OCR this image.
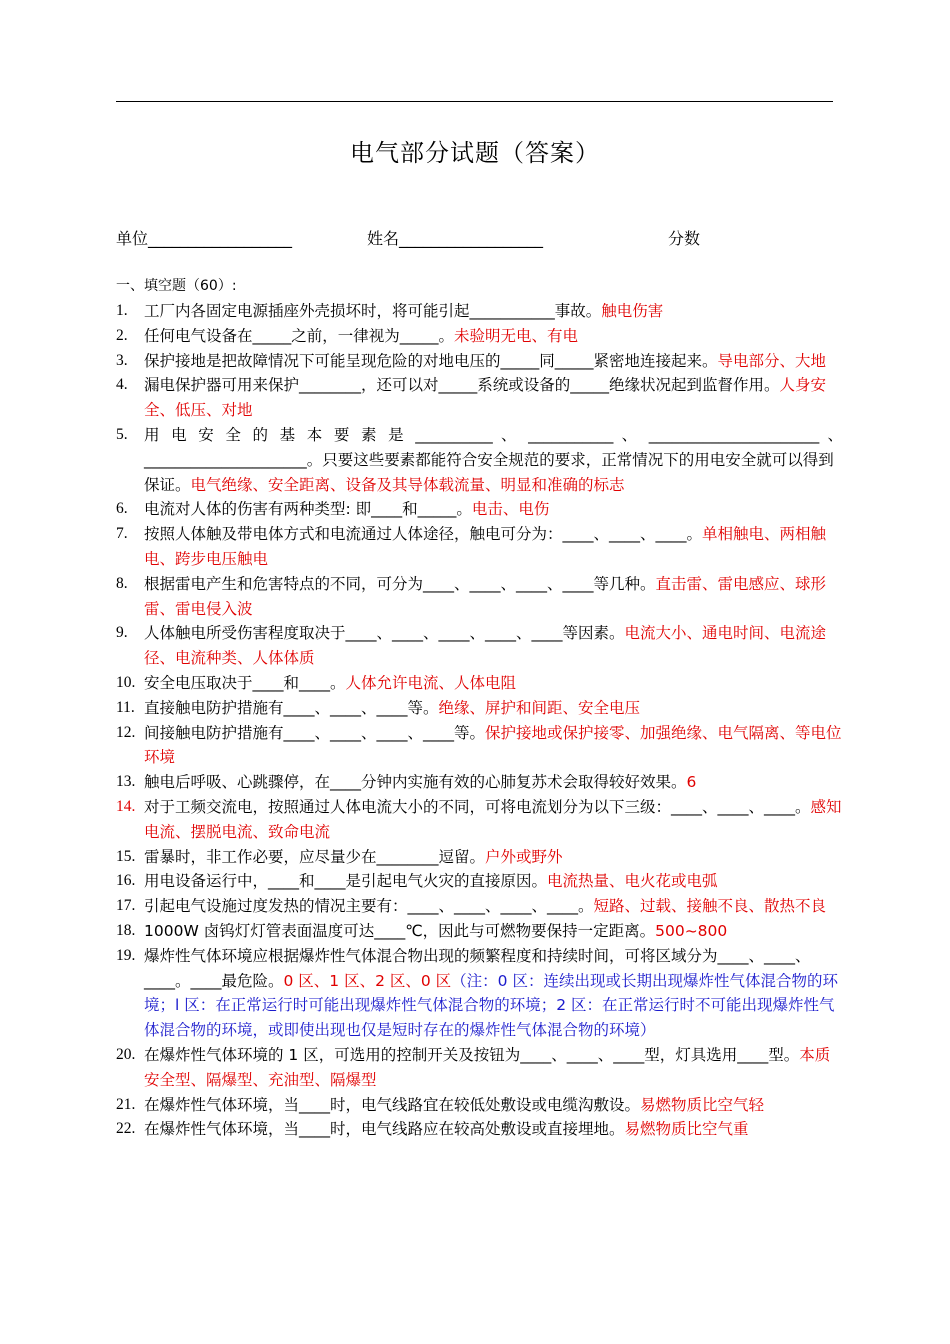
电气部分试题（答案）
单位__________________	姓名__________________	分数
一、填空题（60）:
1. 工厂内各固定电源插座外壳损坏时，将可能引起___________事故。触电伤害
2. 任何电气设备在_____之前，一律视为_____。未验明无电、有电
3. 保护接地是把故障情况下可能呈现危险的对地电压的_____同_____紧密地连接起来。导电部分、大地
4. 漏电保护器可用来保护________，还可以对_____系统或设备的_____绝缘状况起到监督作用。人身安全、低压、对地
5. 用 电 安 全 的 基 本 要 素 是 __________ 、 ___________ 、 ______________________ 、
_____________________。只要这些要素都能符合安全规范的要求，正常情况下的用电安全就可以得到保证。电气绝缘、安全距离、设备及其导体载流量、明显和准确的标志
6. 电流对人体的伤害有两种类型: 即____和_____。电击、电伤
7. 按照人体触及带电体方式和电流通过人体途径，触电可分为：____、____、____。单相触电、两相触电、跨步电压触电
8. 根据雷电产生和危害特点的不同，可分为____、____、____、____等几种。直击雷、雷电感应、球形雷、雷电侵入波
9. 人体触电所受伤害程度取决于____、____、____、____、____等因素。电流大小、通电时间、电流途径、电流种类、人体体质
10. 安全电压取决于____和____。人体允许电流、人体电阻
11. 直接触电防护措施有____、____、____等。绝缘、屏护和间距、安全电压
12. 间接触电防护措施有____、____、____、____等。保护接地或保护接零、加强绝缘、电气隔离、等电位环境
13. 触电后呼吸、心跳骤停，在____分钟内实施有效的心肺复苏术会取得较好效果。6
14. 对于工频交流电，按照通过人体电流大小的不同，可将电流划分为以下三级：____、____、____。感知电流、摆脱电流、致命电流
15. 雷暴时，非工作必要，应尽量少在________逗留。户外或野外
16. 用电设备运行中，____和____是引起电气火灾的直接原因。电流热量、电火花或电弧
17. 引起电气设施过度发热的情况主要有：____、____、____、____。短路、过载、接触不良、散热不良
18. 1000W 卤钨灯灯管表面温度可达____℃，因此与可燃物要保持一定距离。500~800
19. 爆炸性气体环境应根据爆炸性气体混合物出现的频繁程度和持续时间，可将区域分为____、____、____。____最危险。0 区、1 区、2 区、0 区（注：0 区：连续出现或长期出现爆炸性气体混合物的环境；l 区：在正常运行时可能出现爆炸性气体混合物的环境；2 区：在正常运行时不可能出现爆炸性气体混合物的环境，或即使出现也仅是短时存在的爆炸性气体混合物的环境）
20. 在爆炸性气体环境的 1 区，可选用的控制开关及按钮为____、____、____型，灯具选用____型。本质安全型、隔爆型、充油型、隔爆型
21. 在爆炸性气体环境，当____时，电气线路宜在较低处敷设或电缆沟敷设。易燃物质比空气轻
22. 在爆炸性气体环境，当____时，电气线路应在较高处敷设或直接埋地。易燃物质比空气重
